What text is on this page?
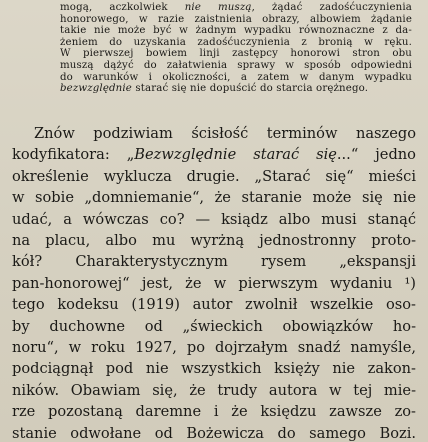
mogą, aczkolwiek nie muszą, żądać zadośćuczynienia
honorowego, w razie zaistnienia obrazy, albowiem żądanie
takie nie może być w żadnym wypadku równoznaczne z da-
żeniem do uzyskania zadośćuczynienia z bronią w ręku.
W pierwszej bowiem linji zastępcy honorowi stron obu
muszą dążyć do załatwienia sprawy w sposób odpowiedni
do warunków i okoliczności, a zatem w danym wypadku
bezwzględnie starać się nie dopuścić do starcia orężnego.
Znów podziwiam ścisłość terminów naszego
kodyfikatora: „Bezwzględnie starać się...“ jedno
określenie wyklucza drugie. „Starać się“ mieści
w sobie „domniemanie“, że staranie może się nie
udać, a wówczas co? — ksiądz albo musi stanąć
na placu, albo mu wyrżną jednostronny proto-
kół? Charakterystycznym rysem „ekspansji
pan-honorowej“ jest, że w pierwszym wydaniu ¹)
tego kodeksu (1919) autor zwolnił wszelkie oso-
by duchowne od „świeckich obowiązków ho-
noru“, w roku 1927, po dojrzałym snadź namyśle,
podciągnął pod nie wszystkich księży nie zakon-
ników. Obawiam się, że trudy autora w tej mie-
rze pozostaną daremne i że księdzu zawsze zo-
stanie odwołane od Bożewicza do samego Bozi.
